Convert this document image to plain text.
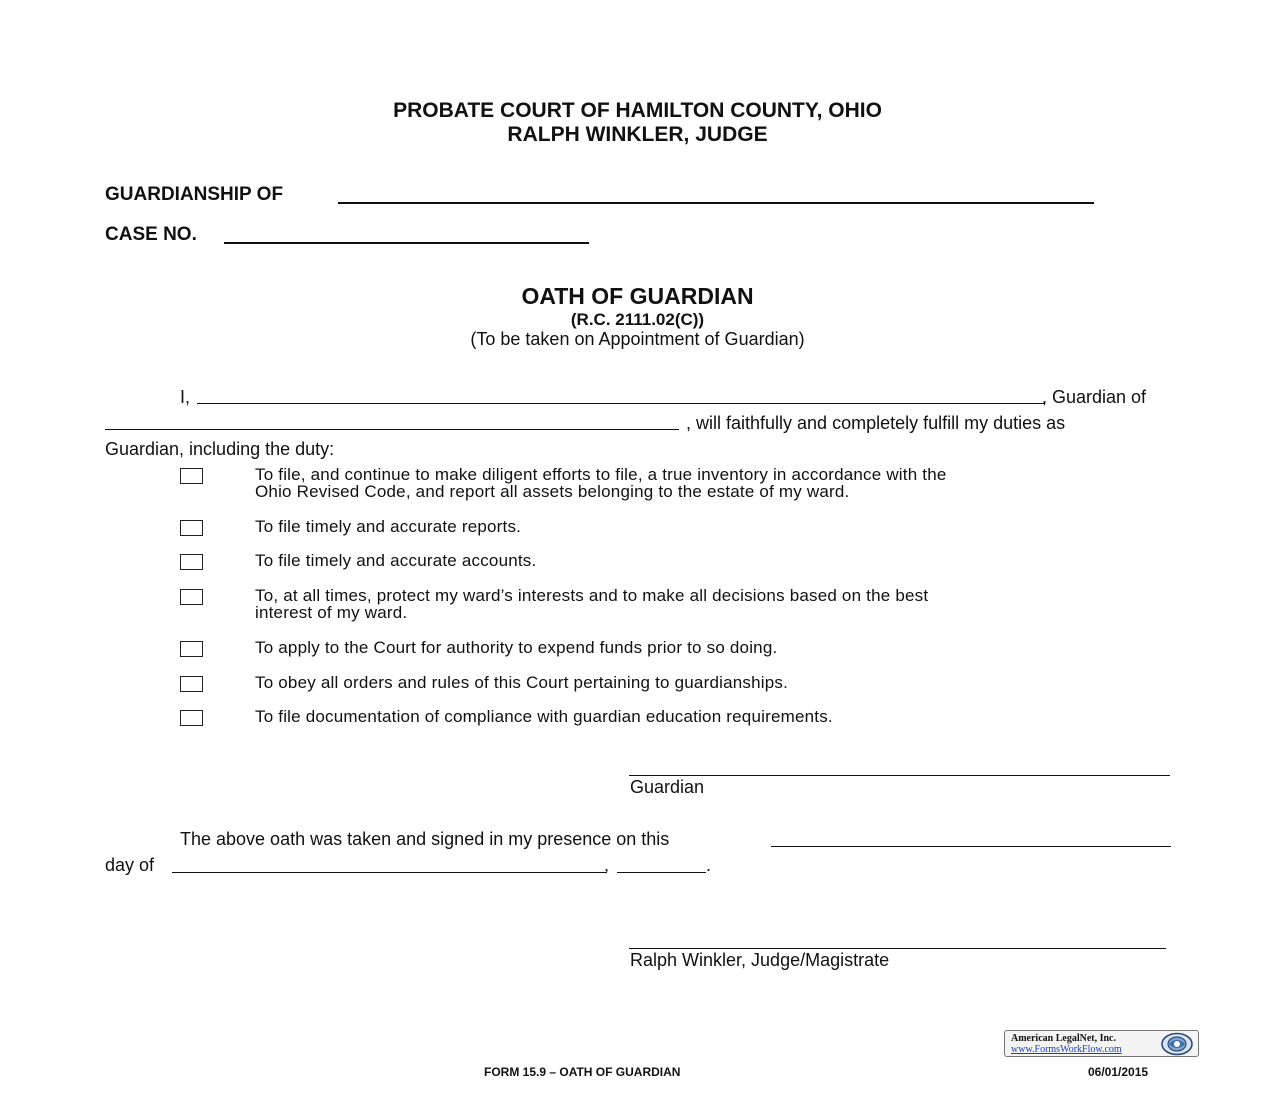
PROBATE COURT OF HAMILTON COUNTY, OHIO
RALPH WINKLER, JUDGE
GUARDIANSHIP OF
CASE NO.
OATH OF GUARDIAN
(R.C. 2111.02(C))
(To be taken on Appointment of Guardian)
I,	, Guardian of
, will faithfully and completely fulfill my duties as
Guardian, including the duty:
To file, and continue to make diligent efforts to file, a true inventory in accordance with the
Ohio Revised Code, and report all assets belonging to the estate of my ward.
To file timely and accurate reports.
To file timely and accurate accounts.
To, at all times, protect my ward’s interests and to make all decisions based on the best
interest of my ward.
To apply to the Court for authority to expend funds prior to so doing.
To obey all orders and rules of this Court pertaining to guardianships.
To file documentation of compliance with guardian education requirements.
Guardian
The above oath was taken and signed in my presence on this
day of	,	.
Ralph Winkler, Judge/Magistrate
American LegalNet, Inc.
www.FormsWorkFlow.com
FORM 15.9 – OATH OF GUARDIAN	06/01/2015
